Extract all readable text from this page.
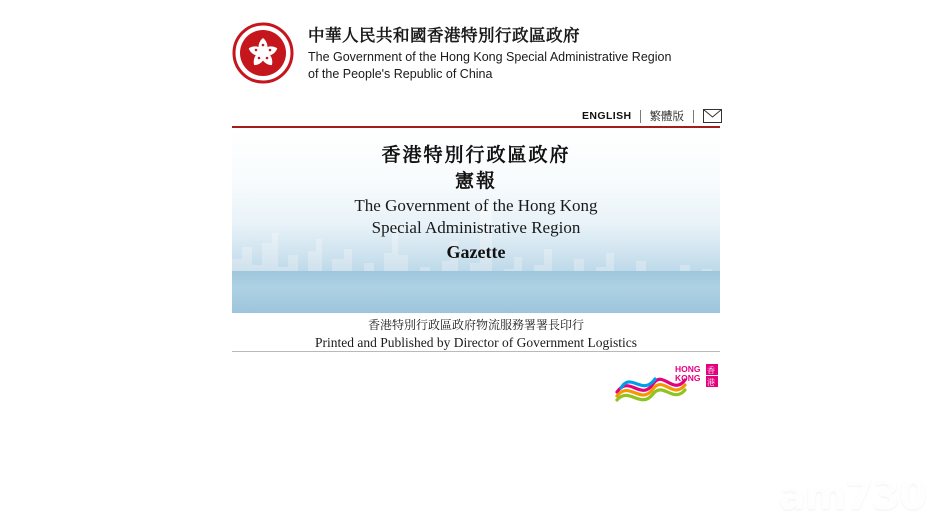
中華人民共和國香港特別行政區政府
The Government of the Hong Kong Special Administrative Region
of the People's Republic of China
ENGLISH	繁體版
香港特別行政區政府
憲報
The Government of the Hong Kong
Special Administrative Region
Gazette
香港特別行政區政府物流服務署署長印行
Printed and Published by Director of Government Logistics
HONG
KONG
香
港
am730
